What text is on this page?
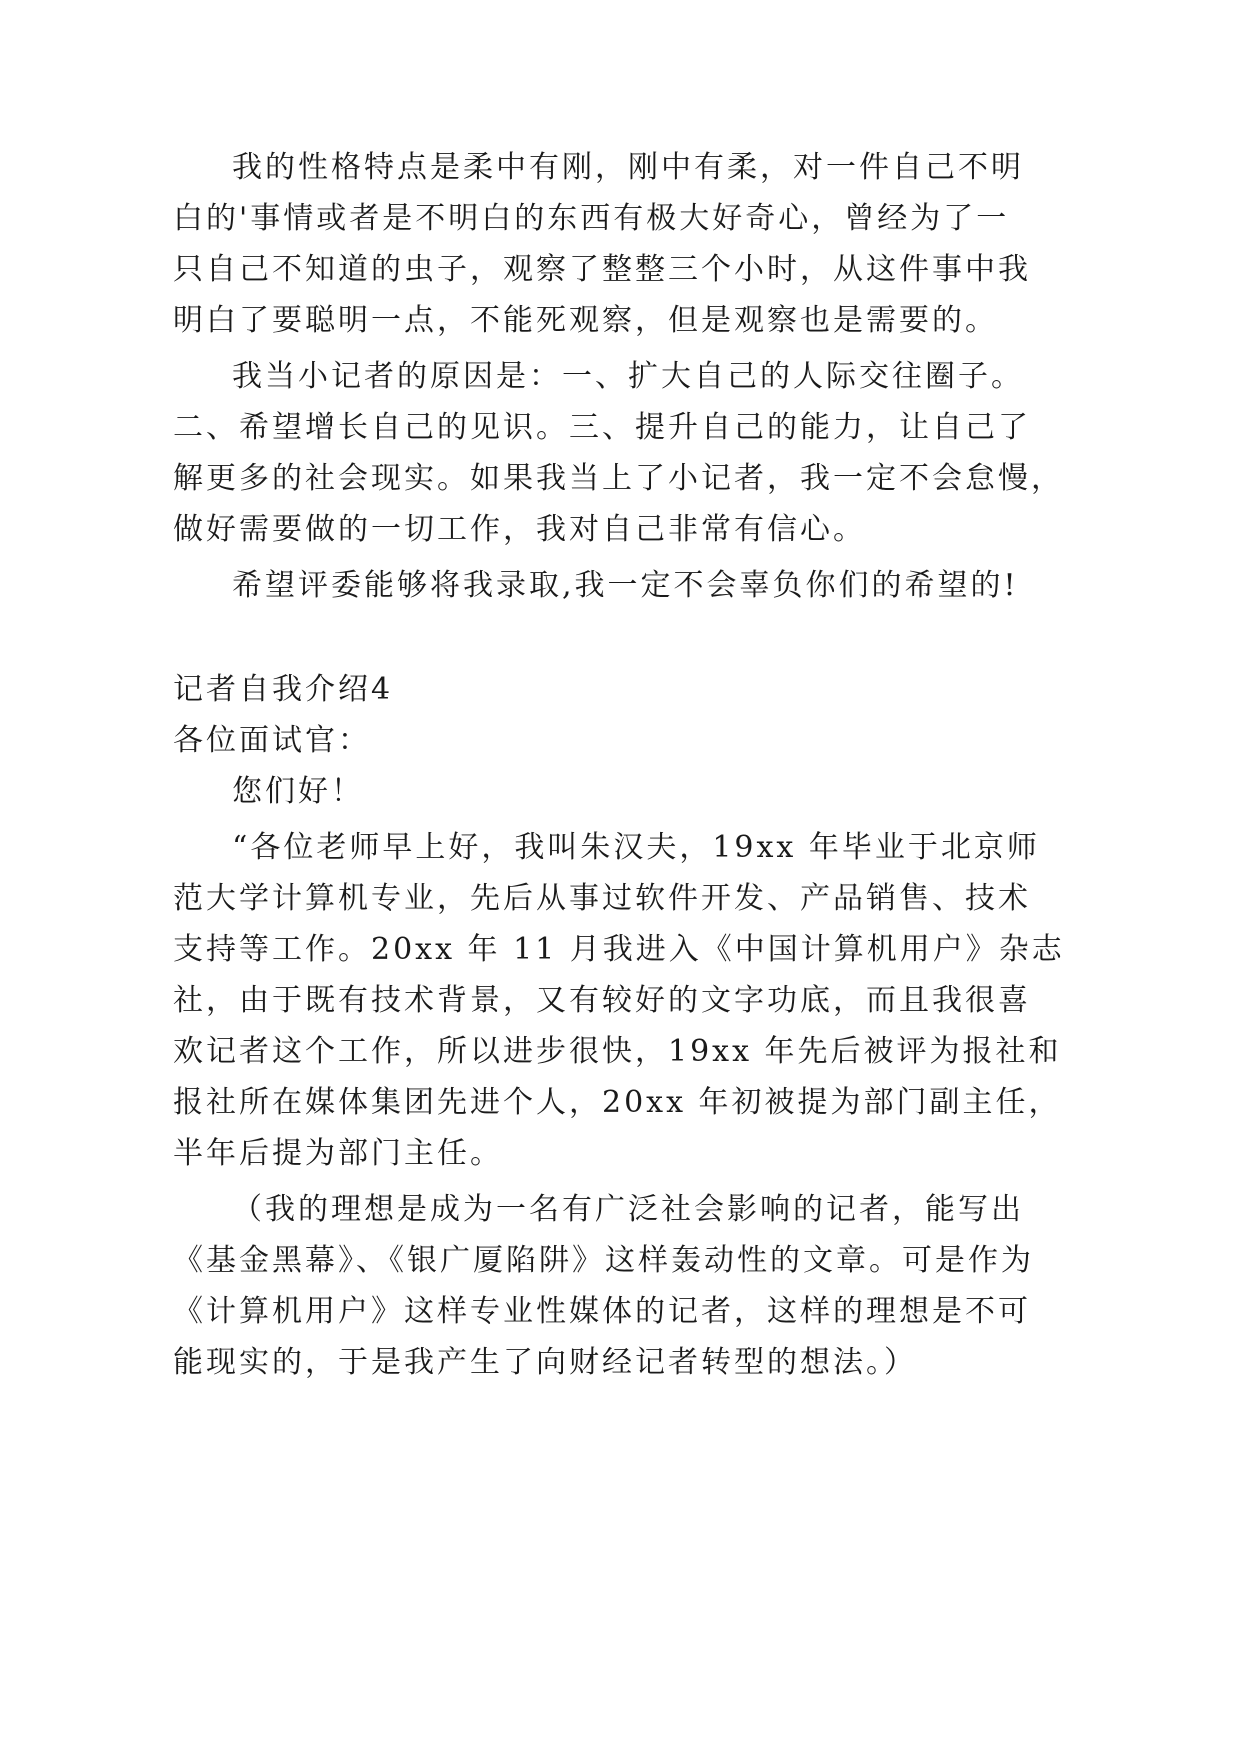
我的性格特点是柔中有刚，刚中有柔，对一件自己不明
白的'事情或者是不明白的东西有极大好奇心，曾经为了一
只自己不知道的虫子，观察了整整三个小时，从这件事中我
明白了要聪明一点，不能死观察，但是观察也是需要的。
我当小记者的原因是：一、扩大自己的人际交往圈子。
二、希望增长自己的见识。三、提升自己的能力，让自己了
解更多的社会现实。如果我当上了小记者，我一定不会怠慢，
做好需要做的一切工作，我对自己非常有信心。
希望评委能够将我录取,我一定不会辜负你们的希望的!
记者自我介绍4
各位面试官：
您们好！
“各位老师早上好，我叫朱汉夫，19xx 年毕业于北京师
范大学计算机专业，先后从事过软件开发、产品销售、技术
支持等工作。20xx 年 11 月我进入《中国计算机用户》杂志
社，由于既有技术背景，又有较好的文字功底，而且我很喜
欢记者这个工作，所以进步很快，19xx 年先后被评为报社和
报社所在媒体集团先进个人，20xx 年初被提为部门副主任，
半年后提为部门主任。
（我的理想是成为一名有广泛社会影响的记者，能写出
《基金黑幕》、《银广厦陷阱》这样轰动性的文章。可是作为
《计算机用户》这样专业性媒体的记者，这样的理想是不可
能现实的，于是我产生了向财经记者转型的想法。）
